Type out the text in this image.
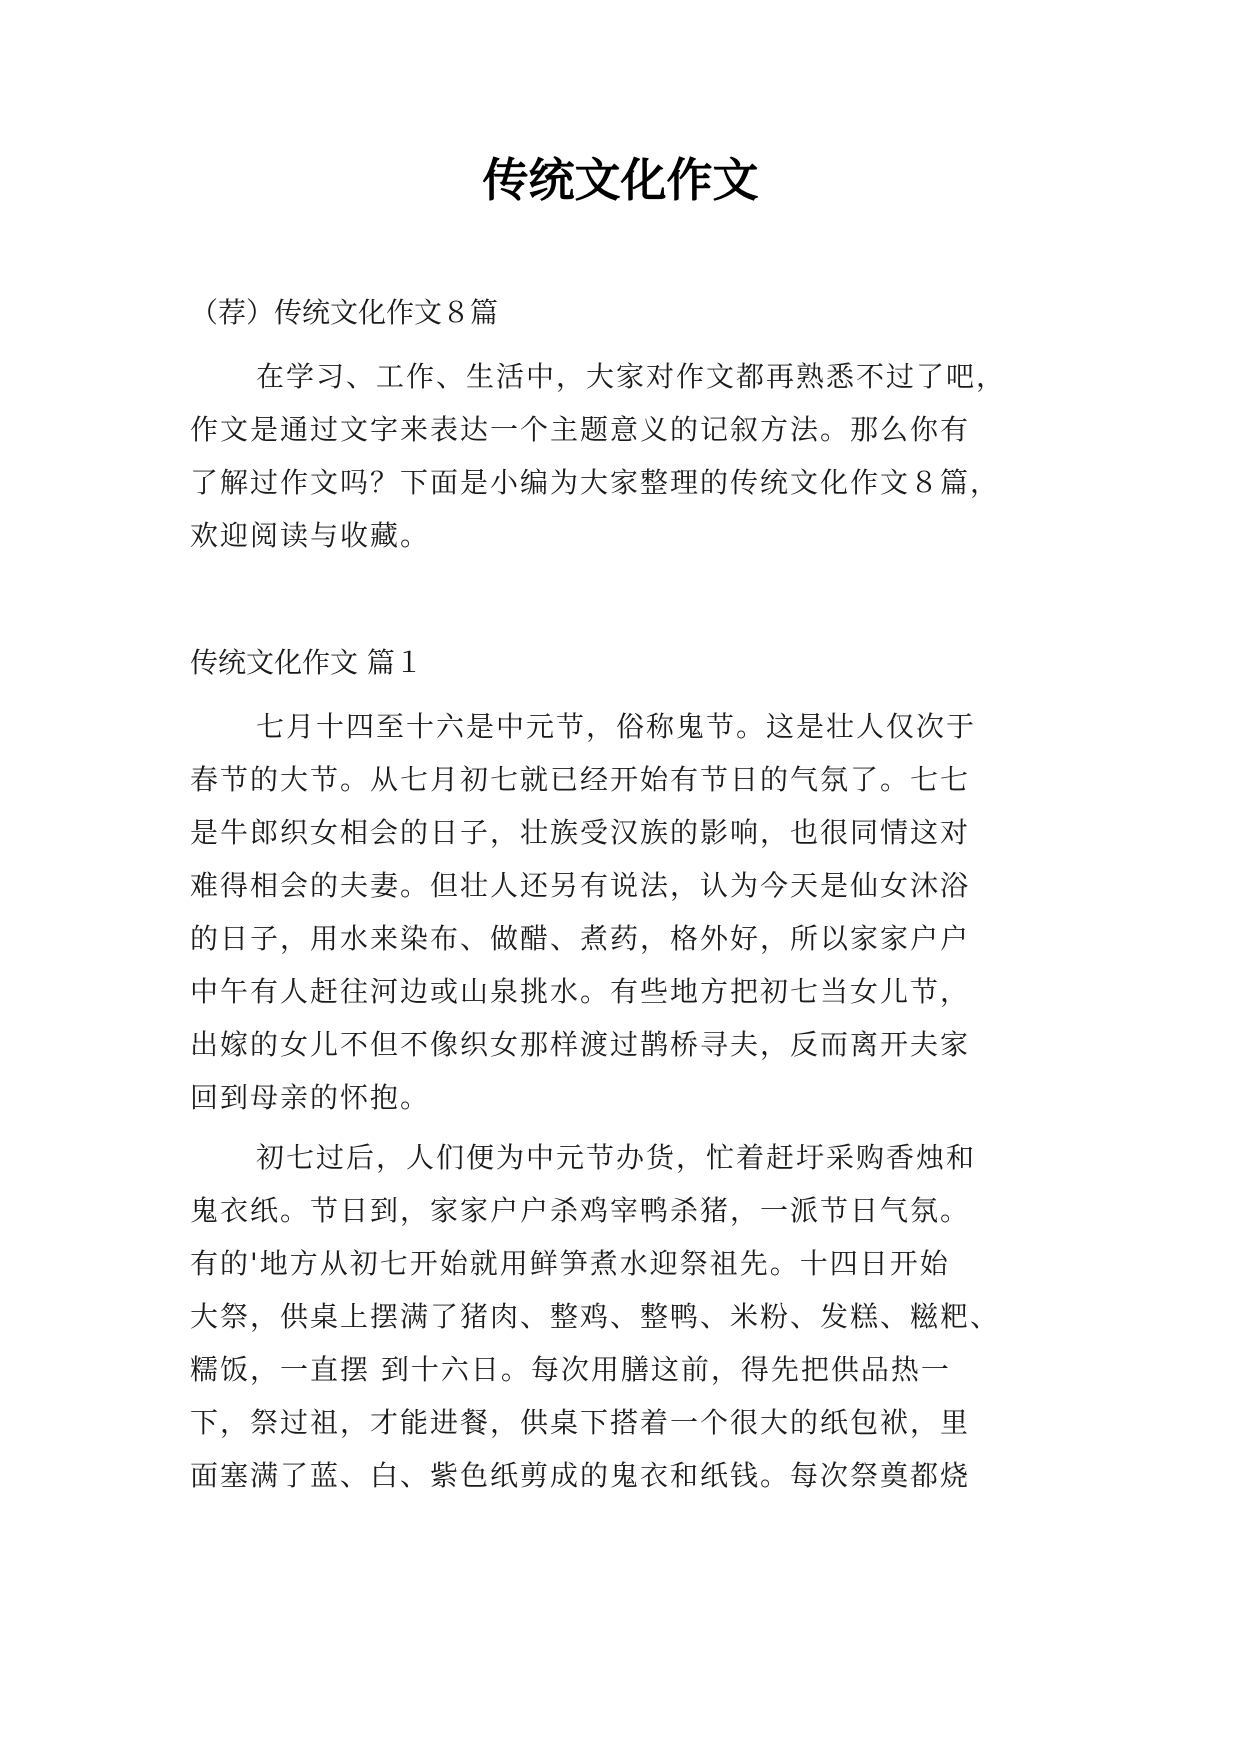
传统文化作文
（荐）传统文化作文８篇
在学习、工作、生活中，大家对作文都再熟悉不过了吧，
作文是通过文字来表达一个主题意义的记叙方法。那么你有
了解过作文吗？下面是小编为大家整理的传统文化作文８篇，
欢迎阅读与收藏。
传统文化作文 篇１
七月十四至十六是中元节，俗称鬼节。这是壮人仅次于
春节的大节。从七月初七就已经开始有节日的气氛了。七七
是牛郎织女相会的日子，壮族受汉族的影响，也很同情这对
难得相会的夫妻。但壮人还另有说法，认为今天是仙女沐浴
的日子，用水来染布、做醋、煮药，格外好，所以家家户户
中午有人赶往河边或山泉挑水。有些地方把初七当女儿节，
出嫁的女儿不但不像织女那样渡过鹊桥寻夫，反而离开夫家
回到母亲的怀抱。
初七过后，人们便为中元节办货，忙着赶圩采购香烛和
鬼衣纸。节日到，家家户户杀鸡宰鸭杀猪，一派节日气氛。
有的'地方从初七开始就用鲜笋煮水迎祭祖先。十四日开始
大祭，供桌上摆满了猪肉、整鸡、整鸭、米粉、发糕、糍粑、
糯饭，一直摆 到十六日。每次用膳这前，得先把供品热一
下，祭过祖，才能进餐，供桌下搭着一个很大的纸包袱，里
面塞满了蓝、白、紫色纸剪成的鬼衣和纸钱。每次祭奠都烧
